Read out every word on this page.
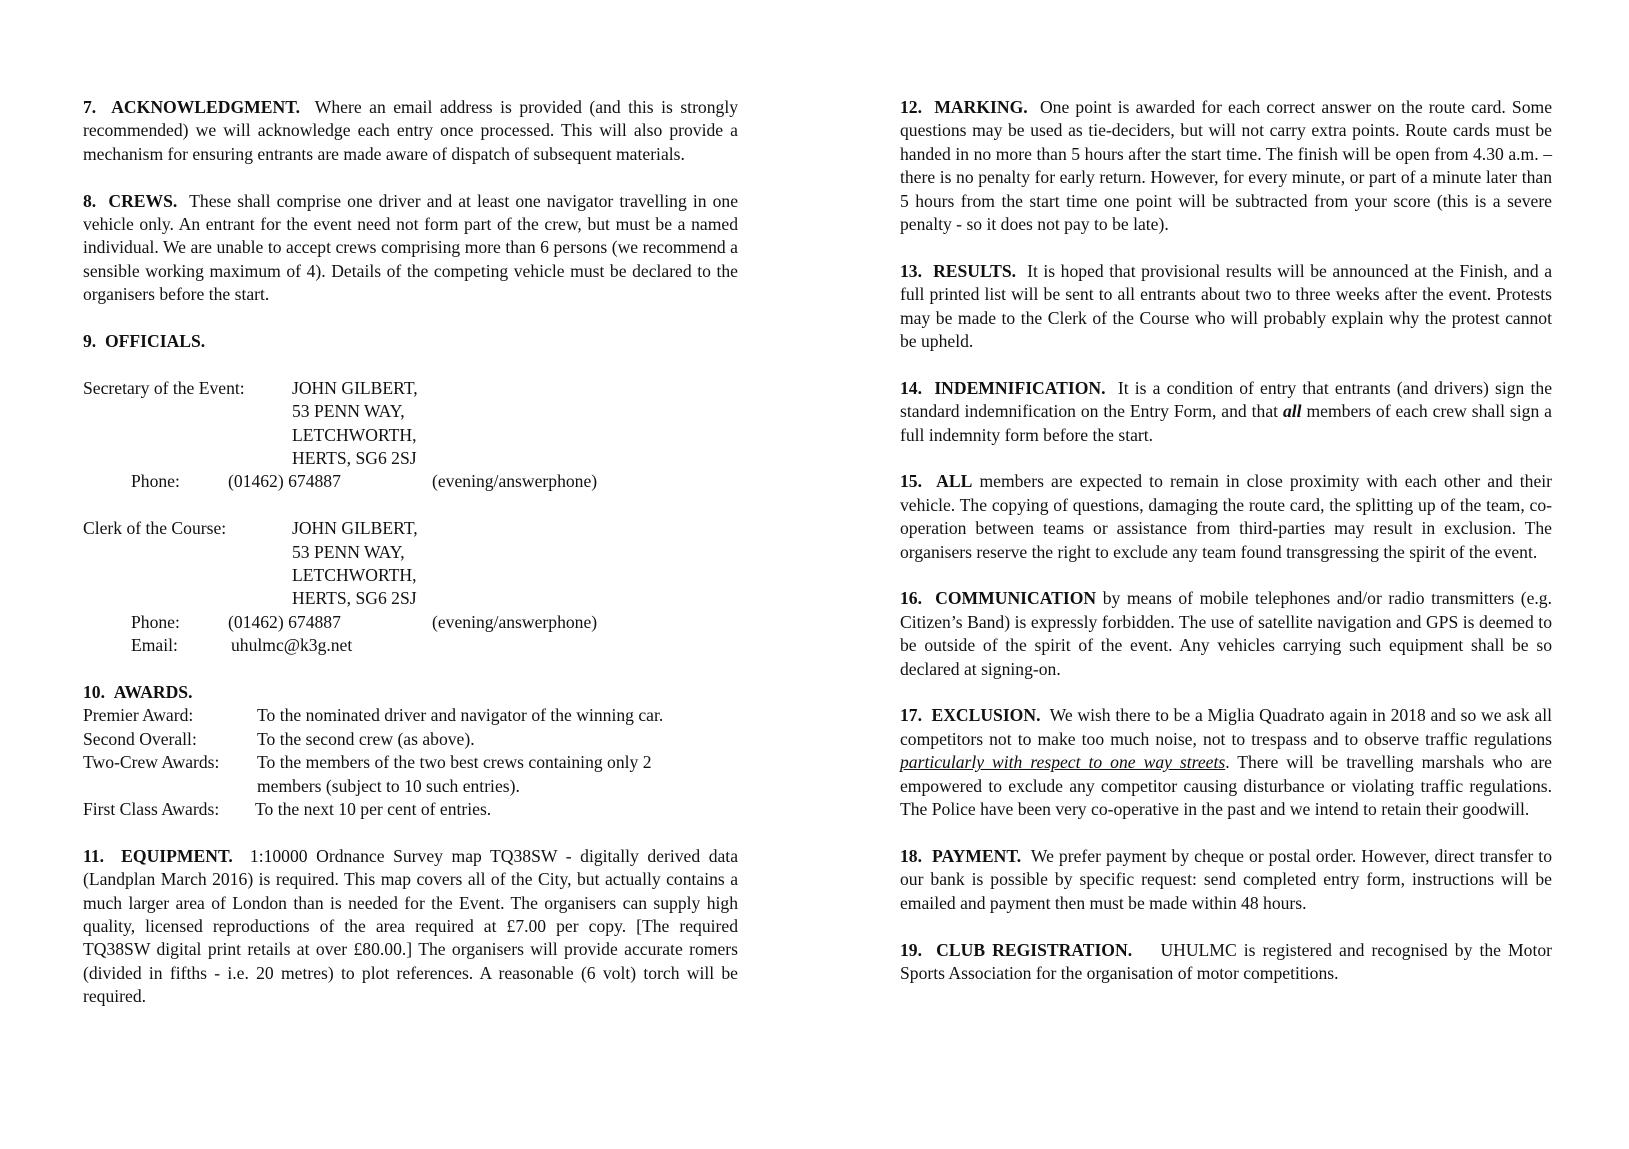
7. ACKNOWLEDGMENT. Where an email address is provided (and this is strongly recommended) we will acknowledge each entry once processed. This will also provide a mechanism for ensuring entrants are made aware of dispatch of subsequent materials.

8. CREWS. These shall comprise one driver and at least one navigator travelling in one vehicle only. An entrant for the event need not form part of the crew, but must be a named individual. We are unable to accept crews comprising more than 6 persons (we recommend a sensible working maximum of 4). Details of the competing vehicle must be declared to the organisers before the start.

9. OFFICIALS.

Secretary of the Event:	JOHN GILBERT,
53 PENN WAY,
LETCHWORTH,
HERTS, SG6 2SJ
Phone:	(01462) 674887	(evening/answerphone)
Clerk of the Course:	JOHN GILBERT,
53 PENN WAY,
LETCHWORTH,
HERTS, SG6 2SJ
Phone:	(01462) 674887	(evening/answerphone)
Email:	uhulmc@k3g.net

10. AWARDS.

Premier Award:	To the nominated driver and navigator of the winning car.
Second Overall:	To the second crew (as above).
Two-Crew Awards: To the members of the two best crews containing only 2 members (subject to 10 such entries).
First Class Awards: To the next 10 per cent of entries.

11. EQUIPMENT. 1:10000 Ordnance Survey map TQ38SW - digitally derived data (Landplan March 2016) is required. This map covers all of the City, but actually contains a much larger area of London than is needed for the Event. The organisers can supply high quality, licensed reproductions of the area required at £7.00 per copy. [The required TQ38SW digital print retails at over £80.00.] The organisers will provide accurate romers (divided in fifths - i.e. 20 metres) to plot references. A reasonable (6 volt) torch will be required.

12. MARKING. One point is awarded for each correct answer on the route card. Some questions may be used as tie-deciders, but will not carry extra points. Route cards must be handed in no more than 5 hours after the start time. The finish will be open from 4.30 a.m. – there is no penalty for early return. However, for every minute, or part of a minute later than 5 hours from the start time one point will be subtracted from your score (this is a severe penalty - so it does not pay to be late).

13. RESULTS. It is hoped that provisional results will be announced at the Finish, and a full printed list will be sent to all entrants about two to three weeks after the event. Protests may be made to the Clerk of the Course who will probably explain why the protest cannot be upheld.

14. INDEMNIFICATION. It is a condition of entry that entrants (and drivers) sign the standard indemnification on the Entry Form, and that all members of each crew shall sign a full indemnity form before the start.

15. ALL members are expected to remain in close proximity with each other and their vehicle. The copying of questions, damaging the route card, the splitting up of the team, co-operation between teams or assistance from third-parties may result in exclusion. The organisers reserve the right to exclude any team found transgressing the spirit of the event.

16. COMMUNICATION by means of mobile telephones and/or radio transmitters (e.g. Citizen’s Band) is expressly forbidden. The use of satellite navigation and GPS is deemed to be outside of the spirit of the event. Any vehicles carrying such equipment shall be so declared at signing-on.

17. EXCLUSION. We wish there to be a Miglia Quadrato again in 2018 and so we ask all competitors not to make too much noise, not to trespass and to observe traffic regulations particularly with respect to one way streets. There will be travelling marshals who are empowered to exclude any competitor causing disturbance or violating traffic regulations. The Police have been very co-operative in the past and we intend to retain their goodwill.

18. PAYMENT. We prefer payment by cheque or postal order. However, direct transfer to our bank is possible by specific request: send completed entry form, instructions will be emailed and payment then must be made within 48 hours.

19. CLUB REGISTRATION. UHULMC is registered and recognised by the Motor Sports Association for the organisation of motor competitions.
